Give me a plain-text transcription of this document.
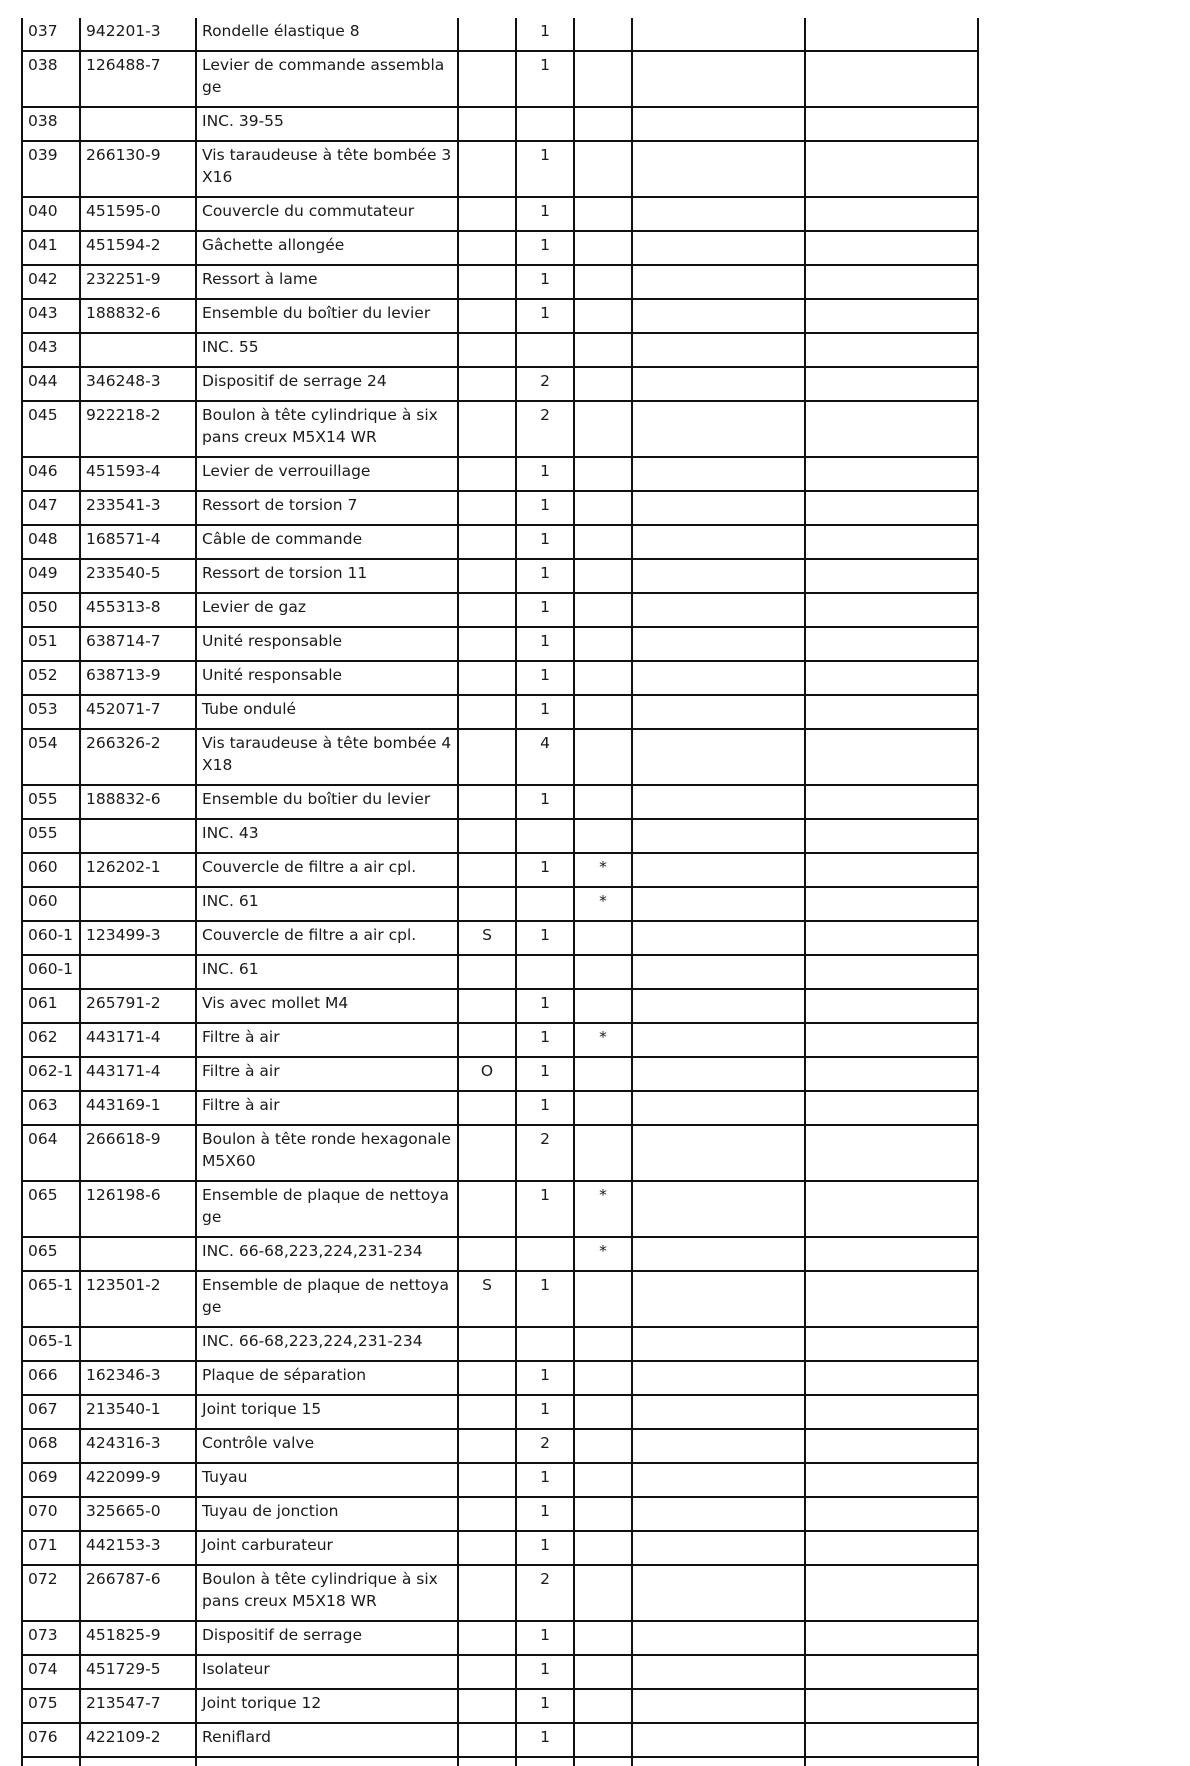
037	942201-3	Rondelle élastique 8		1			
038	126488-7	Levier de commande assemblage		1			
038		INC. 39-55					
039	266130-9	Vis taraudeuse à tête bombée 3X16		1			
040	451595-0	Couvercle du commutateur		1			
041	451594-2	Gâchette allongée		1			
042	232251-9	Ressort à lame		1			
043	188832-6	Ensemble du boîtier du levier		1			
043		INC. 55					
044	346248-3	Dispositif de serrage 24		2			
045	922218-2	Boulon à tête cylindrique à six pans creux M5X14 WR		2			
046	451593-4	Levier de verrouillage		1			
047	233541-3	Ressort de torsion 7		1			
048	168571-4	Câble de commande		1			
049	233540-5	Ressort de torsion 11		1			
050	455313-8	Levier de gaz		1			
051	638714-7	Unité responsable		1			
052	638713-9	Unité responsable		1			
053	452071-7	Tube ondulé		1			
054	266326-2	Vis taraudeuse à tête bombée 4X18		4			
055	188832-6	Ensemble du boîtier du levier		1			
055		INC. 43					
060	126202-1	Couvercle de filtre a air cpl.		1	*		
060		INC. 61			*		
060-1	123499-3	Couvercle de filtre a air cpl.	S	1			
060-1		INC. 61					
061	265791-2	Vis avec mollet M4		1			
062	443171-4	Filtre à air		1	*		
062-1	443171-4	Filtre à air	O	1			
063	443169-1	Filtre à air		1			
064	266618-9	Boulon à tête ronde hexagonale M5X60		2			
065	126198-6	Ensemble de plaque de nettoyage		1	*		
065		INC. 66-68,223,224,231-234			*		
065-1	123501-2	Ensemble de plaque de nettoyage	S	1			
065-1		INC. 66-68,223,224,231-234					
066	162346-3	Plaque de séparation		1			
067	213540-1	Joint torique 15		1			
068	424316-3	Contrôle valve		2			
069	422099-9	Tuyau		1			
070	325665-0	Tuyau de jonction		1			
071	442153-3	Joint carburateur		1			
072	266787-6	Boulon à tête cylindrique à six pans creux M5X18 WR		2			
073	451825-9	Dispositif de serrage		1			
074	451729-5	Isolateur		1			
075	213547-7	Joint torique 12		1			
076	422109-2	Reniflard		1			
